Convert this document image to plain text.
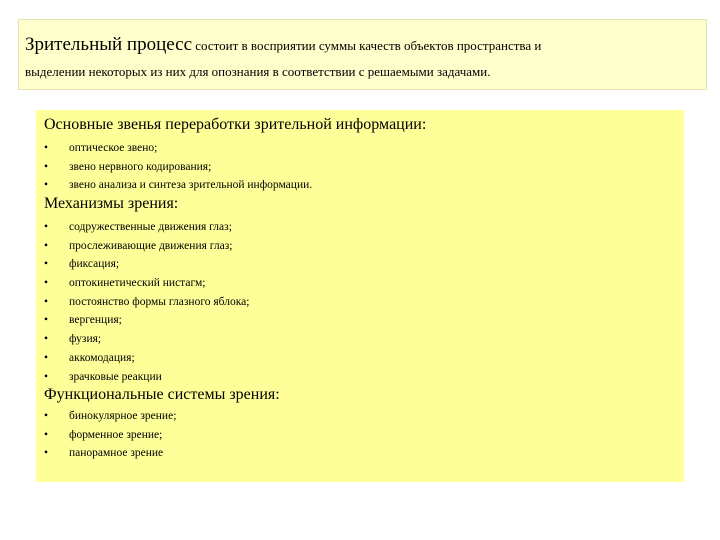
Зрительный процесс состоит в восприятии суммы качеств объектов пространства и
выделении некоторых из них для опознания в соответствии с решаемыми задачами.
Основные звенья переработки зрительной информации:
• оптическое звено;
• звено нервного кодирования;
• звено анализа и синтеза зрительной информации.
Механизмы зрения:
• содружественные движения глаз;
• прослеживающие движения глаз;
• фиксация;
• оптокинетический нистагм;
• постоянство формы глазного яблока;
• вергенция;
• фузия;
• аккомодация;
• зрачковые реакции
Функциональные системы зрения:
• бинокулярное зрение;
• форменное зрение;
• панорамное зрение
